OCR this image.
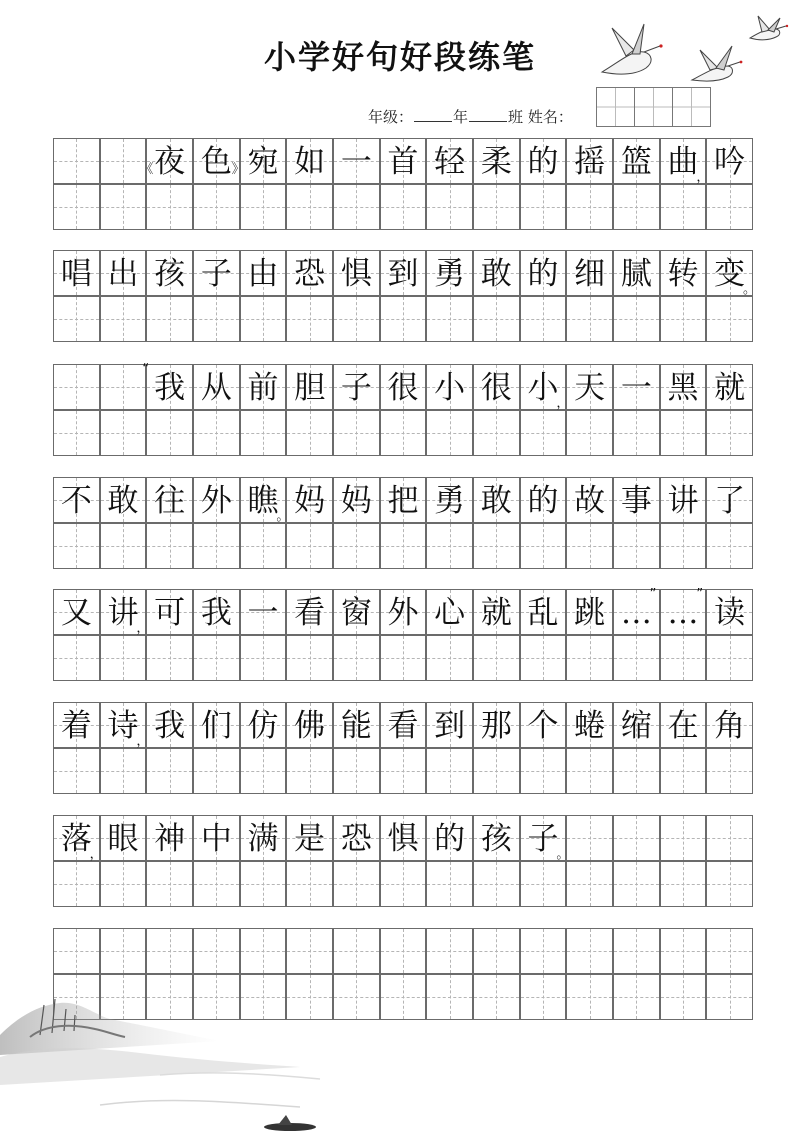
小学好句好段练笔
年级：	年	班 姓名：
夜 色 宛 如 一 首 轻 柔 的 摇 篮 曲 吟
唱 出 孩 子 由 恐 惧 到 勇 敢 的 细 腻 转 变
我 从 前 胆 子 很 小 很 小 天 一 黑 就
不 敢 往 外 瞧 妈 妈 把 勇 敢 的 故 事 讲 了
又 讲 可 我 一 看 窗 外 心 就 乱 跳 … … 读
着 诗 我 们 仿 佛 能 看 到 那 个 蜷 缩 在 角
落 眼 神 中 满 是 恐 惧 的 孩 子
《	》
，
。
“
，
。
，
”	”
，
，	。
